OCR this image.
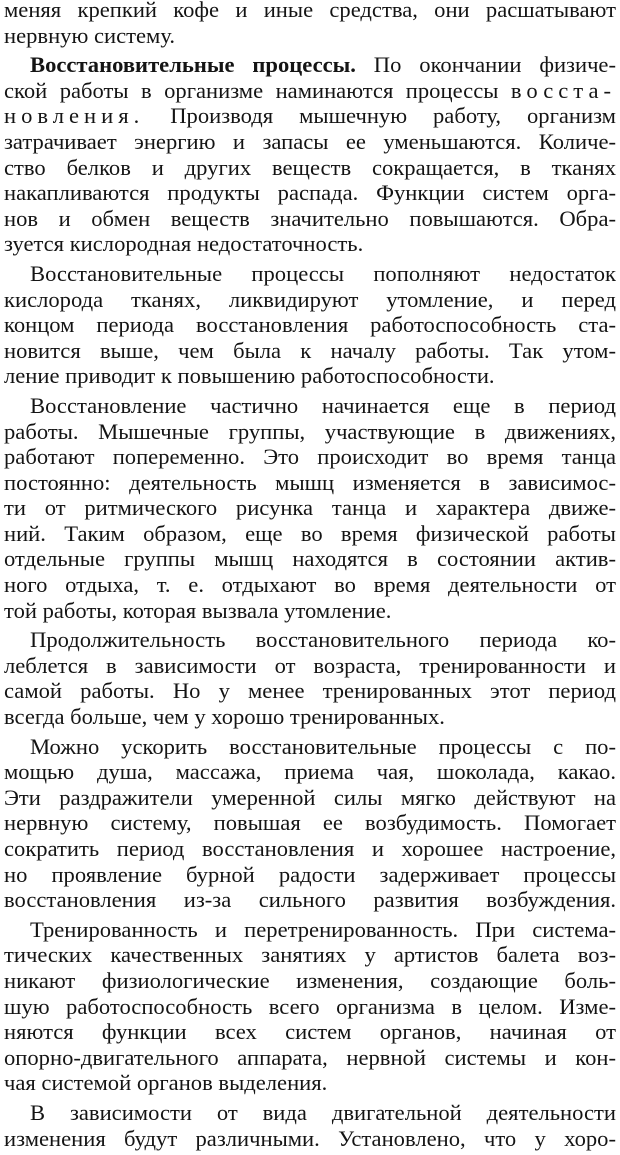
меняя крепкий кофе и иные средства, они расшатывают
нервную систему.
Восстановительные процессы. По окончании физиче-
ской работы в организме наминаются процессы восста-
новления. Производя мышечную работу, организм
затрачивает энергию и запасы ее уменьшаются. Количе-
ство белков и других веществ сокращается, в тканях
накапливаются продукты распада. Функции систем орга-
нов и обмен веществ значительно повышаются. Обра-
зуется кислородная недостаточность.
Восстановительные процессы пополняют недостаток
кислорода тканях, ликвидируют утомление, и перед
концом периода восстановления работоспособность ста-
новится выше, чем была к началу работы. Так утом-
ление приводит к повышению работоспособности.
Восстановление частично начинается еще в период
работы. Мышечные группы, участвующие в движениях,
работают попеременно. Это происходит во время танца
постоянно: деятельность мышц изменяется в зависимос-
ти от ритмического рисунка танца и характера движе-
ний. Таким образом, еще во время физической работы
отдельные группы мышц находятся в состоянии актив-
ного отдыха, т. е. отдыхают во время деятельности от
той работы, которая вызвала утомление.
Продолжительность восстановительного периода ко-
леблется в зависимости от возраста, тренированности и
самой работы. Но у менее тренированных этот период
всегда больше, чем у хорошо тренированных.
Можно ускорить восстановительные процессы с по-
мощью душа, массажа, приема чая, шоколада, какао.
Эти раздражители умеренной силы мягко действуют на
нервную систему, повышая ее возбудимость. Помогает
сократить период восстановления и хорошее настроение,
но проявление бурной радости задерживает процессы
восстановления из-за сильного развития возбуждения.
Тренированность и перетренированность. При система-
тических качественных занятиях у артистов балета воз-
никают физиологические изменения, создающие боль-
шую работоспособность всего организма в целом. Изме-
няются функции всех систем органов, начиная от
опорно-двигательного аппарата, нервной системы и кон-
чая системой органов выделения.
В зависимости от вида двигательной деятельности
изменения будут различными. Установлено, что у хоро-
